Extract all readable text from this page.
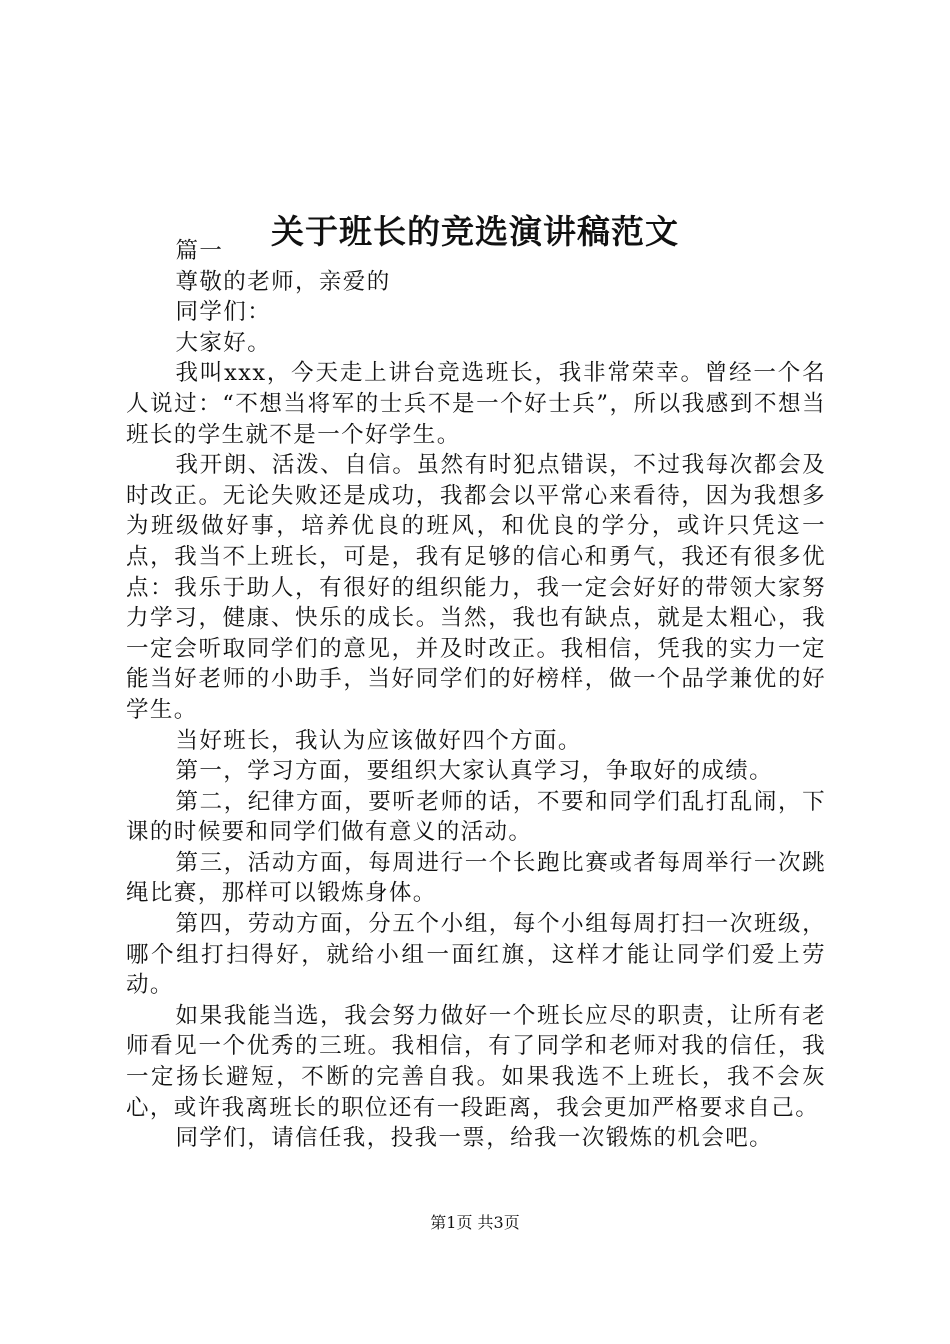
关于班长的竞选演讲稿范文

篇一

尊敬的老师，亲爱的

同学们：

大家好。

我叫xxx，今天走上讲台竞选班长，我非常荣幸。曾经一个名人说过：“不想当将军的士兵不是一个好士兵”，所以我感到不想当班长的学生就不是一个好学生。

我开朗、活泼、自信。虽然有时犯点错误，不过我每次都会及时改正。无论失败还是成功，我都会以平常心来看待，因为我想多为班级做好事，培养优良的班风，和优良的学分，或许只凭这一点，我当不上班长，可是，我有足够的信心和勇气，我还有很多优点：我乐于助人，有很好的组织能力，我一定会好好的带领大家努力学习，健康、快乐的成长。当然，我也有缺点，就是太粗心，我一定会听取同学们的意见，并及时改正。我相信，凭我的实力一定能当好老师的小助手，当好同学们的好榜样，做一个品学兼优的好学生。

当好班长，我认为应该做好四个方面。

第一，学习方面，要组织大家认真学习，争取好的成绩。

第二，纪律方面，要听老师的话，不要和同学们乱打乱闹，下课的时候要和同学们做有意义的活动。

第三，活动方面，每周进行一个长跑比赛或者每周举行一次跳绳比赛，那样可以锻炼身体。

第四，劳动方面，分五个小组，每个小组每周打扫一次班级，哪个组打扫得好，就给小组一面红旗，这样才能让同学们爱上劳动。

如果我能当选，我会努力做好一个班长应尽的职责，让所有老师看见一个优秀的三班。我相信，有了同学和老师对我的信任，我一定扬长避短，不断的完善自我。如果我选不上班长，我不会灰心，或许我离班长的职位还有一段距离，我会更加严格要求自己。

同学们，请信任我，投我一票，给我一次锻炼的机会吧。

第1页 共3页
